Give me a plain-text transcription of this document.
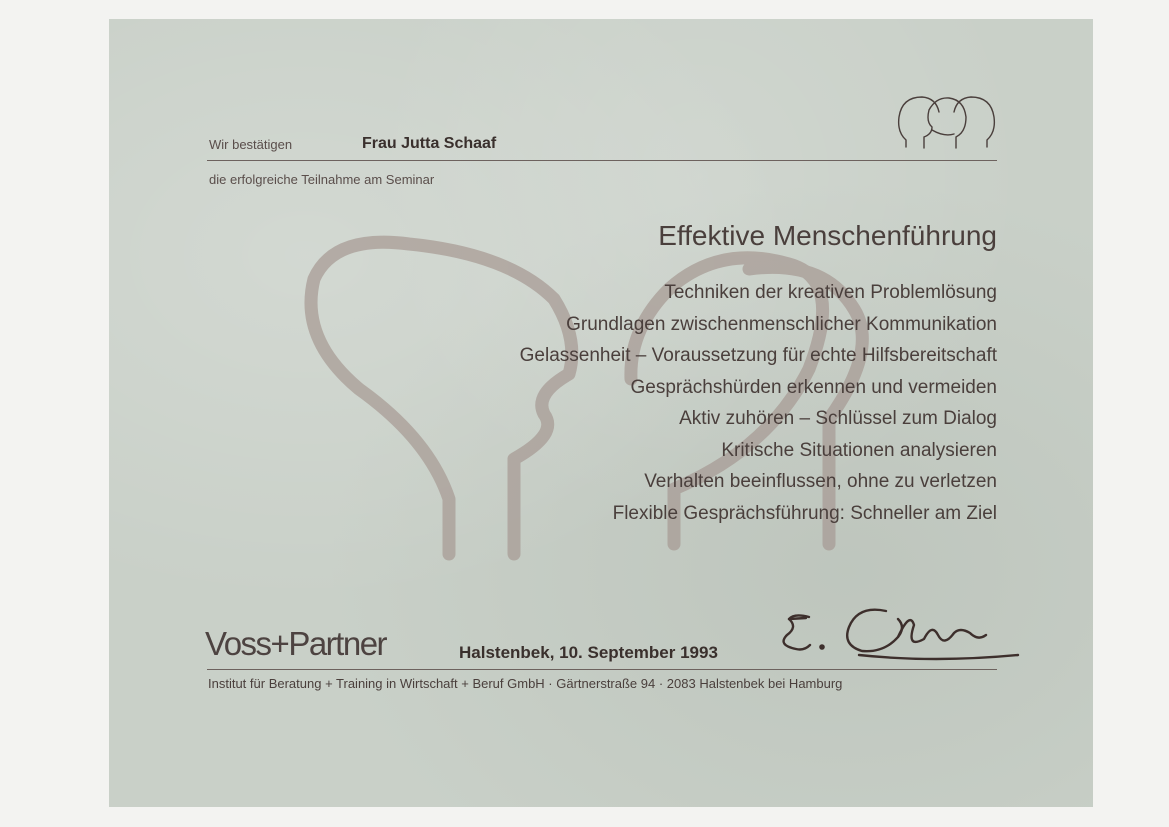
Wir bestätigen	Frau Jutta Schaaf
die erfolgreiche Teilnahme am Seminar
Effektive Menschenführung
Techniken der kreativen Problemlösung
Grundlagen zwischenmenschlicher Kommunikation
Gelassenheit – Voraussetzung für echte Hilfsbereitschaft
Gesprächshürden erkennen und vermeiden
Aktiv zuhören – Schlüssel zum Dialog
Kritische Situationen analysieren
Verhalten beeinflussen, ohne zu verletzen
Flexible Gesprächsführung: Schneller am Ziel
Voss+Partner	Halstenbek, 10. September 1993
Institut für Beratung + Training in Wirtschaft + Beruf GmbH · Gärtnerstraße 94 · 2083 Halstenbek bei Hamburg
